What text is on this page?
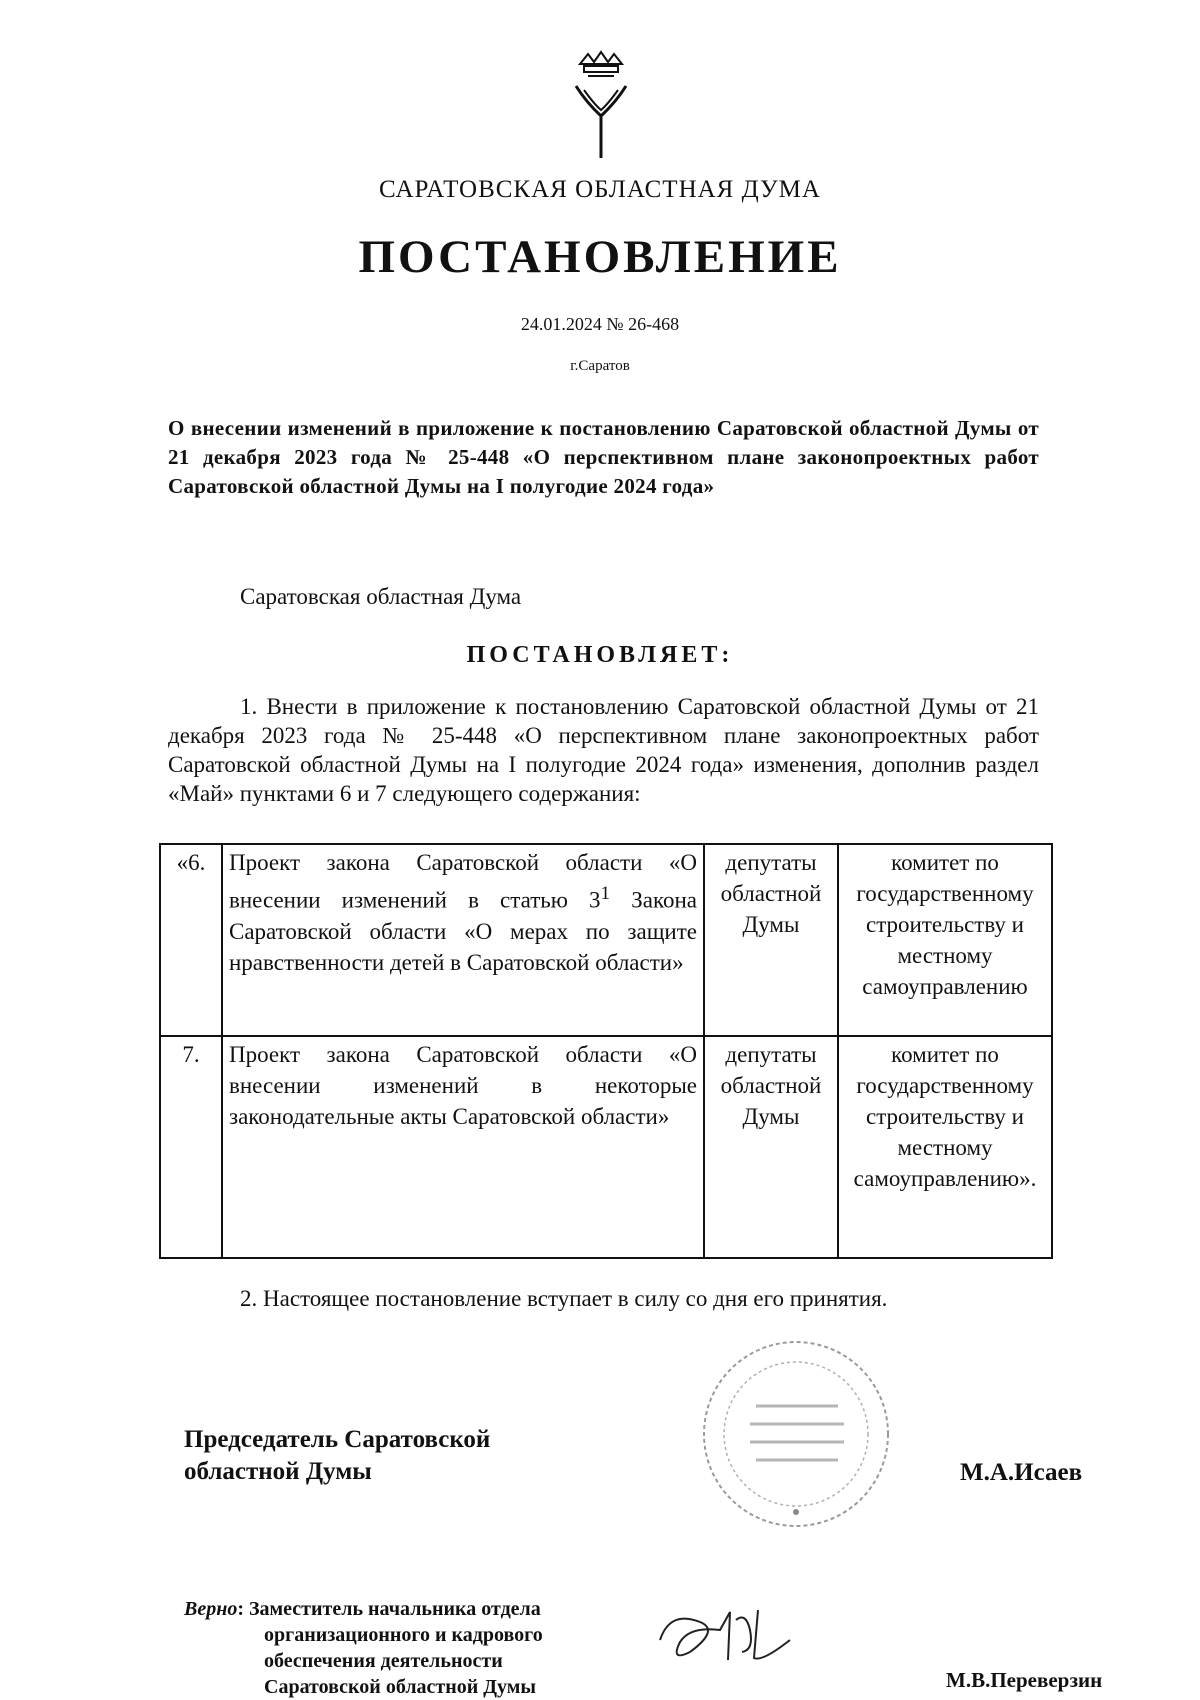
САРАТОВСКАЯ ОБЛАСТНАЯ ДУМА
ПОСТАНОВЛЕНИЕ
24.01.2024 № 26-468
г.Саратов
О внесении изменений в приложение к постановлению Саратовской областной Думы от 21 декабря 2023 года № 25-448 «О перспективном плане законопроектных работ Саратовской областной Думы на I полугодие 2024 года»
Саратовская областная Дума
ПОСТАНОВЛЯЕТ:
1. Внести в приложение к постановлению Саратовской областной Думы от 21 декабря 2023 года № 25-448 «О перспективном плане законопроектных работ Саратовской областной Думы на I полугодие 2024 года» изменения, дополнив раздел «Май» пунктами 6 и 7 следующего содержания:
«6.	Проект закона Саратовской области «О внесении изменений в статью $3^1$ Закона Саратовской области «О мерах по защите нравственности детей в Саратовской области»	депутаты областной Думы	комитет по государственному строительству и местному самоуправлению
7.	Проект закона Саратовской области «О внесении изменений в некоторые законодательные акты Саратовской области»	депутаты областной Думы	комитет по государственному строительству и местному самоуправлению».
2. Настоящее постановление вступает в силу со дня его принятия.
Председатель Саратовской областной Думы	М.А.Исаев
Верно: Заместитель начальника отдела
организационного и кадрового
обеспечения деятельности
Саратовской областной Думы	М.В.Переверзин
